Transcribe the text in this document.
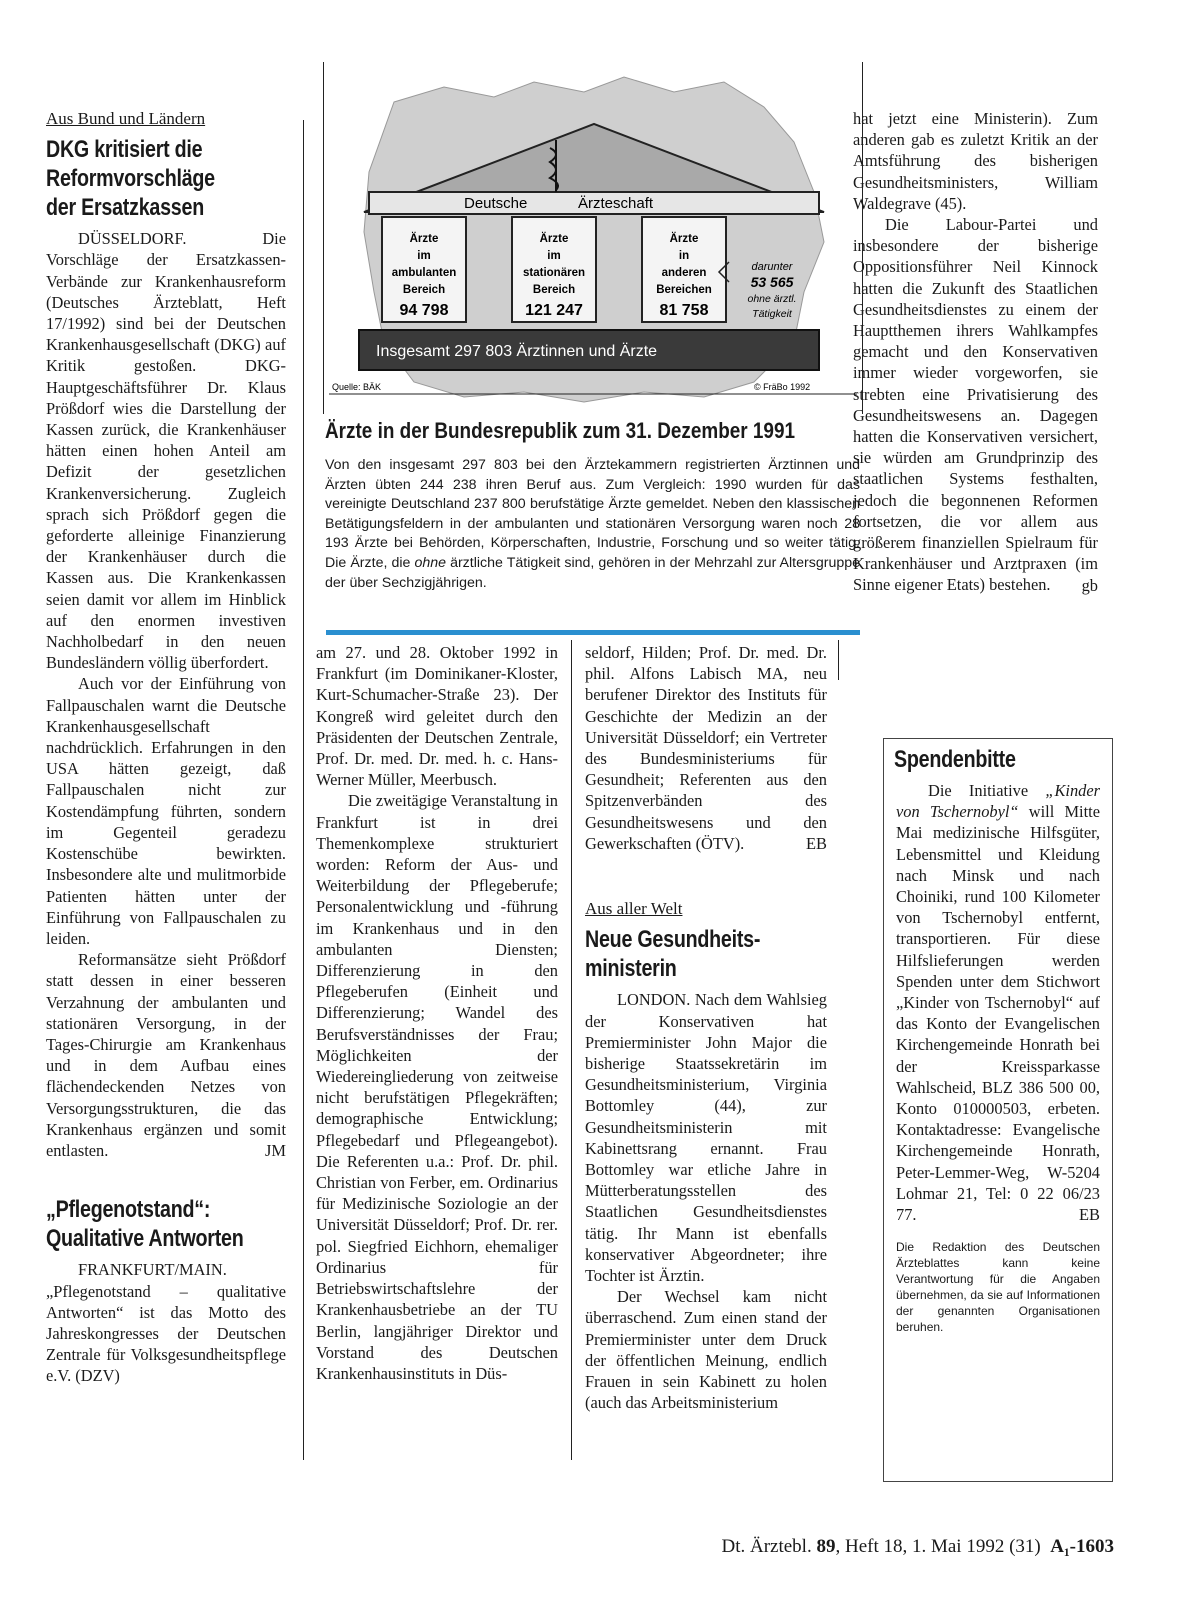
Aus Bund und Ländern
DKG kritisiert die
Reformvorschläge
der Ersatzkassen

DÜSSELDORF. Die Vorschläge der Ersatzkassen-Verbände zur Krankenhausreform (Deutsches Ärzteblatt, Heft 17/1992) sind bei der Deutschen Krankenhausgesellschaft (DKG) auf Kritik gestoßen. DKG-Hauptgeschäftsführer Dr. Klaus Prößdorf wies die Darstellung der Kassen zurück, die Krankenhäuser hätten einen hohen Anteil am Defizit der gesetzlichen Krankenversicherung. Zugleich sprach sich Prößdorf gegen die geforderte alleinige Finanzierung der Krankenhäuser durch die Kassen aus. Die Krankenkassen seien damit vor allem im Hinblick auf den enormen investiven Nachholbedarf in den neuen Bundesländern völlig überfordert.

Auch vor der Einführung von Fallpauschalen warnt die Deutsche Krankenhausgesellschaft nachdrücklich. Erfahrungen in den USA hätten gezeigt, daß Fallpauschalen nicht zur Kostendämpfung führten, sondern im Gegenteil geradezu Kostenschübe bewirkten. Insbesondere alte und mulitmorbide Patienten hätten unter der Einführung von Fallpauschalen zu leiden.

Reformansätze sieht Prößdorf statt dessen in einer besseren Verzahnung der ambulanten und stationären Versorgung, in der Tages-Chirurgie am Krankenhaus und in dem Aufbau eines flächendeckenden Netzes von Versorgungsstrukturen, die das Krankenhaus ergänzen und somit entlasten.	JM
„Pflegenotstand“:
Qualitative Antworten

FRANKFURT/MAIN. „Pflegenotstand – qualitative Antworten“ ist das Motto des Jahreskongresses der Deutschen Zentrale für Volksgesundheitspflege e.V. (DZV)

Deutsche	Ärzteschaft
Ärzte
im
ambulanten
Bereich
Ärzte
im
stationären
Bereich
Ärzte
in
anderen
Bereichen
94 798	121 247	81 758
darunter
53 565
ohne ärztl.
Tätigkeit
Insgesamt 297 803 Ärztinnen und Ärzte
Quelle: BÄK	© FräBo 1992
Ärzte in der Bundesrepublik zum 31. Dezember 1991
Von den insgesamt 297 803 bei den Ärztekammern registrierten Ärztinnen und Ärzten übten 244 238 ihren Beruf aus. Zum Vergleich: 1990 wurden für das vereinigte Deutschland 237 800 berufstätige Ärzte gemeldet. Neben den klassischen Betätigungsfeldern in der ambulanten und stationären Versorgung waren noch 28 193 Ärzte bei Behörden, Körperschaften, Industrie, Forschung und so weiter tätig. Die Ärzte, die ohne ärztliche Tätigkeit sind, gehören in der Mehrzahl zur Altersgruppe der über Sechzigjährigen.

am 27. und 28. Oktober 1992 in Frankfurt (im Dominikaner-Kloster, Kurt-Schumacher-Straße 23). Der Kongreß wird geleitet durch den Präsidenten der Deutschen Zentrale, Prof. Dr. med. Dr. med. h. c. Hans-Werner Müller, Meerbusch.

Die zweitägige Veranstaltung in Frankfurt ist in drei Themenkomplexe strukturiert worden: Reform der Aus- und Weiterbildung der Pflegeberufe; Personalentwicklung und -führung im Krankenhaus und in den ambulanten Diensten; Differenzierung in den Pflegeberufen (Einheit und Differenzierung; Wandel des Berufsverständnisses der Frau; Möglichkeiten der Wiedereingliederung von zeitweise nicht berufstätigen Pflegekräften; demographische Entwicklung; Pflegebedarf und Pflegeangebot). Die Referenten u.a.: Prof. Dr. phil. Christian von Ferber, em. Ordinarius für Medizinische Soziologie an der Universität Düsseldorf; Prof. Dr. rer. pol. Siegfried Eichhorn, ehemaliger Ordinarius für Betriebswirtschaftslehre der Krankenhausbetriebe an der TU Berlin, langjähriger Direktor und Vorstand des Deutschen Krankenhausinstituts in Düs-

seldorf, Hilden; Prof. Dr. med. Dr. phil. Alfons Labisch MA, neu berufener Direktor des Instituts für Geschichte der Medizin an der Universität Düsseldorf; ein Vertreter des Bundesministeriums für Gesundheit; Referenten aus den Spitzenverbänden des Gesundheitswesens und den Gewerkschaften (ÖTV).	EB
Aus aller Welt
Neue Gesundheits-
ministerin

LONDON. Nach dem Wahlsieg der Konservativen hat Premierminister John Major die bisherige Staatssekretärin im Gesundheitsministerium, Virginia Bottomley (44), zur Gesundheitsministerin mit Kabinettsrang ernannt. Frau Bottomley war etliche Jahre in Mütterberatungsstellen des Staatlichen Gesundheitsdienstes tätig. Ihr Mann ist ebenfalls konservativer Abgeordneter; ihre Tochter ist Ärztin.

Der Wechsel kam nicht überraschend. Zum einen stand der Premierminister unter dem Druck der öffentlichen Meinung, endlich Frauen in sein Kabinett zu holen (auch das Arbeitsministerium

hat jetzt eine Ministerin). Zum anderen gab es zuletzt Kritik an der Amtsführung des bisherigen Gesundheitsministers, William Waldegrave (45).

Die Labour-Partei und insbesondere der bisherige Oppositionsführer Neil Kinnock hatten die Zukunft des Staatlichen Gesundheitsdienstes zu einem der Hauptthemen ihrers Wahlkampfes gemacht und den Konservativen immer wieder vorgeworfen, sie strebten eine Privatisierung des Gesundheitswesens an. Dagegen hatten die Konservativen versichert, sie würden am Grundprinzip des staatlichen Systems festhalten, jedoch die begonnenen Reformen fortsetzen, die vor allem aus größerem finanziellen Spielraum für Krankenhäuser und Arztpraxen (im Sinne eigener Etats) bestehen.	gb
Spendenbitte

Die Initiative „Kinder von Tschernobyl“ will Mitte Mai medizinische Hilfsgüter, Lebensmittel und Kleidung nach Minsk und nach Choiniki, rund 100 Kilometer von Tschernobyl entfernt, transportieren. Für diese Hilfslieferungen werden Spenden unter dem Stichwort „Kinder von Tschernobyl“ auf das Konto der Evangelischen Kirchengemeinde Honrath bei der Kreissparkasse Wahlscheid, BLZ 386 500 00, Konto 010000503, erbeten. Kontaktadresse: Evangelische Kirchengemeinde Honrath, Peter-Lemmer-Weg, W-5204 Lohmar 21, Tel: 0 22 06/23 77.	EB
Die Redaktion des Deutschen Ärzteblattes kann keine Verantwortung für die Angaben übernehmen, da sie auf Informationen der genannten Organisationen beruhen.
Dt. Ärztebl. 89, Heft 18, 1. Mai 1992 (31) A₁-1603
